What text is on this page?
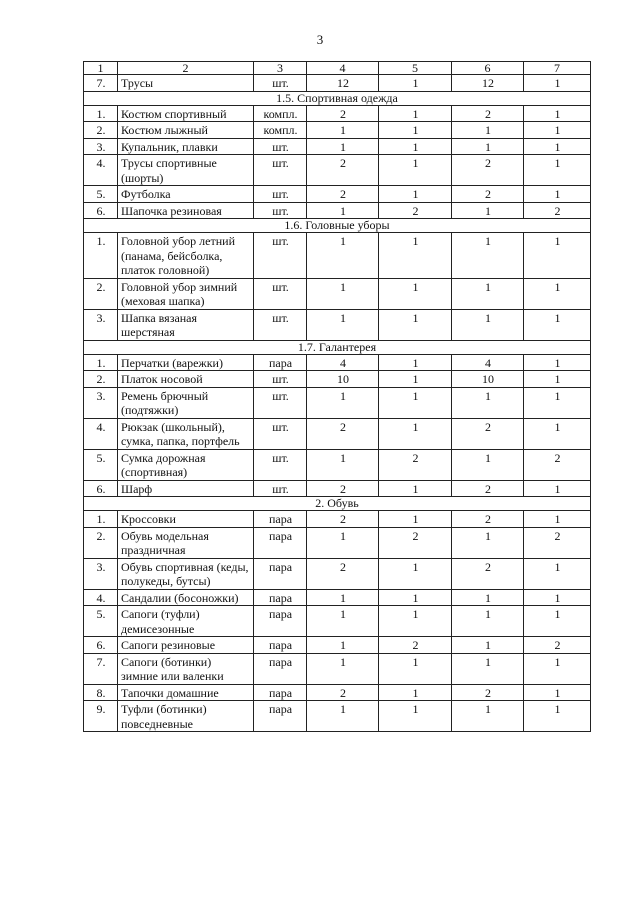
3
1	2	3	4	5	6	7
7.	Трусы	шт.	12	1	12	1
1.5. Спортивная одежда						
1.	Костюм спортивный	компл.	2	1	2	1
2.	Костюм лыжный	компл.	1	1	1	1
3.	Купальник, плавки	шт.	1	1	1	1
4.	Трусы спортивные (шорты)	шт.	2	1	2	1
5.	Футболка	шт.	2	1	2	1
6.	Шапочка резиновая	шт.	1	2	1	2
1.6. Головные уборы						
1.	Головной убор летний (панама, бейсболка, платок головной)	шт.	1	1	1	1
2.	Головной убор зимний (меховая шапка)	шт.	1	1	1	1
3.	Шапка вязаная шерстяная	шт.	1	1	1	1
1.7. Галантерея						
1.	Перчатки (варежки)	пара	4	1	4	1
2.	Платок носовой	шт.	10	1	10	1
3.	Ремень брючный (подтяжки)	шт.	1	1	1	1
4.	Рюкзак (школьный), сумка, папка, портфель	шт.	2	1	2	1
5.	Сумка дорожная (спортивная)	шт.	1	2	1	2
6.	Шарф	шт.	2	1	2	1
2. Обувь						
1.	Кроссовки	пара	2	1	2	1
2.	Обувь модельная праздничная	пара	1	2	1	2
3.	Обувь спортивная (кеды, полукеды, бутсы)	пара	2	1	2	1
4.	Сандалии (босоножки)	пара	1	1	1	1
5.	Сапоги (туфли) демисезонные	пара	1	1	1	1
6.	Сапоги резиновые	пара	1	2	1	2
7.	Сапоги (ботинки) зимние или валенки	пара	1	1	1	1
8.	Тапочки домашние	пара	2	1	2	1
9.	Туфли (ботинки) повседневные	пара	1	1	1	1
